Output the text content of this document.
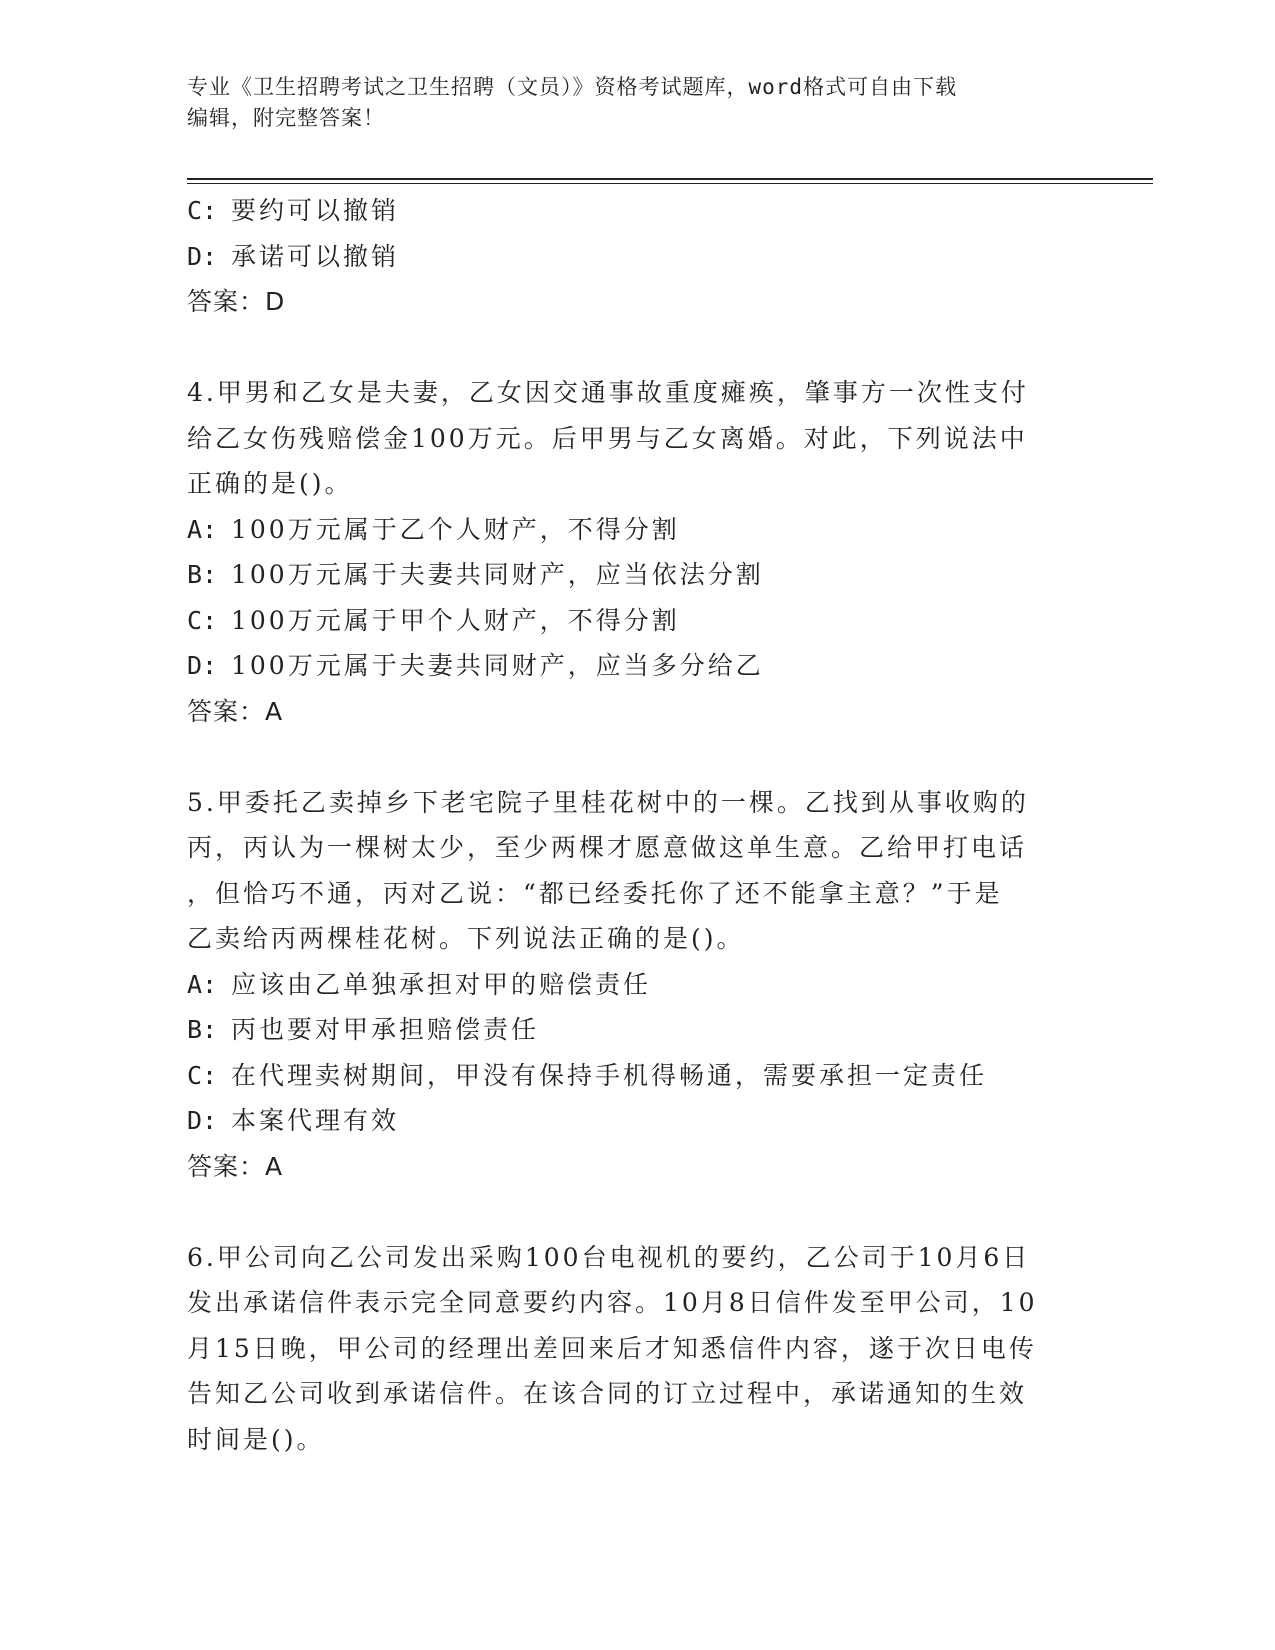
专业《卫生招聘考试之卫生招聘（文员）》资格考试题库，word格式可自由下载
编辑，附完整答案！
C: 要约可以撤销
D: 承诺可以撤销
答案：D
4.甲男和乙女是夫妻，乙女因交通事故重度瘫痪，肇事方一次性支付
给乙女伤残赔偿金100万元。后甲男与乙女离婚。对此，下列说法中
正确的是()。
A: 100万元属于乙个人财产，不得分割
B: 100万元属于夫妻共同财产，应当依法分割
C: 100万元属于甲个人财产，不得分割
D: 100万元属于夫妻共同财产，应当多分给乙
答案：A
5.甲委托乙卖掉乡下老宅院子里桂花树中的一棵。乙找到从事收购的
丙，丙认为一棵树太少，至少两棵才愿意做这单生意。乙给甲打电话
，但恰巧不通，丙对乙说：“都已经委托你了还不能拿主意？”于是
乙卖给丙两棵桂花树。下列说法正确的是()。
A: 应该由乙单独承担对甲的赔偿责任
B: 丙也要对甲承担赔偿责任
C: 在代理卖树期间，甲没有保持手机得畅通，需要承担一定责任
D: 本案代理有效
答案：A
6.甲公司向乙公司发出采购100台电视机的要约，乙公司于10月6日
发出承诺信件表示完全同意要约内容。10月8日信件发至甲公司，10
月15日晚，甲公司的经理出差回来后才知悉信件内容，遂于次日电传
告知乙公司收到承诺信件。在该合同的订立过程中，承诺通知的生效
时间是()。
